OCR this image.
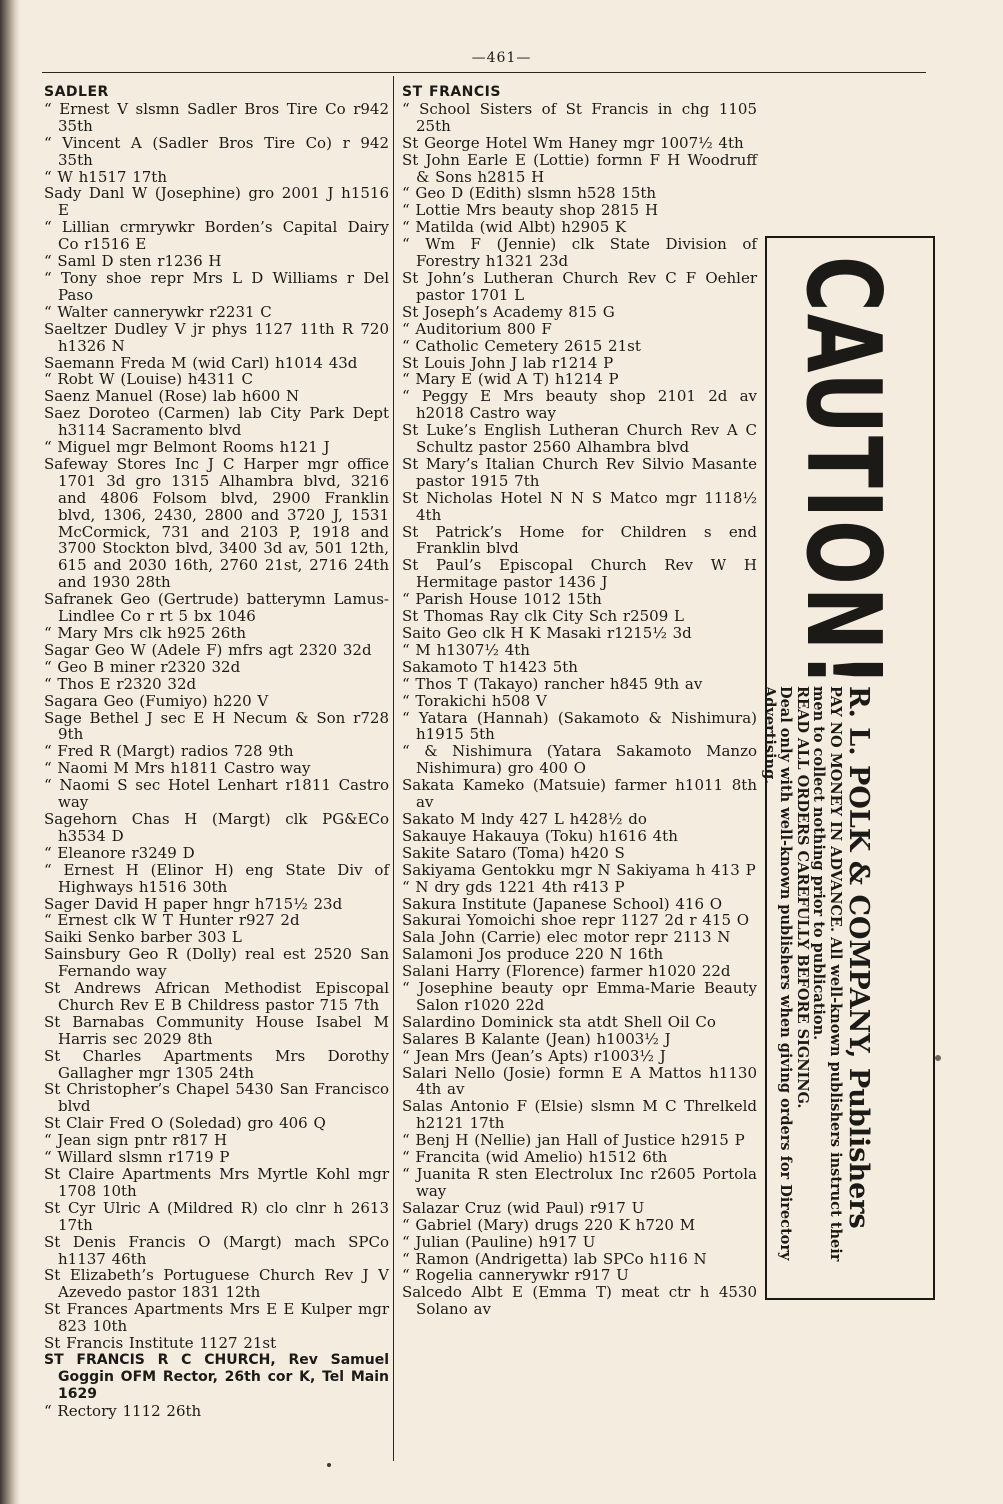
—461—
SADLER
“ Ernest V slsmn Sadler Bros Tire Co r942 35th
“ Vincent A (Sadler Bros Tire Co) r 942 35th
“ W h1517 17th
Sady Danl W (Josephine) gro 2001 J h1516 E
“ Lillian crmrywkr Borden’s Capital Dairy Co r1516 E
“ Saml D sten r1236 H
“ Tony shoe repr Mrs L D Williams r Del Paso
“ Walter cannerywkr r2231 C
Saeltzer Dudley V jr phys 1127 11th R 720 h1326 N
Saemann Freda M (wid Carl) h1014 43d
“ Robt W (Louise) h4311 C
Saenz Manuel (Rose) lab h600 N
Saez Doroteo (Carmen) lab City Park Dept h3114 Sacramento blvd
“ Miguel mgr Belmont Rooms h121 J
Safeway Stores Inc J C Harper mgr office 1701 3d gro 1315 Alhambra blvd, 3216 and 4806 Folsom blvd, 2900 Franklin blvd, 1306, 2430, 2800 and 3720 J, 1531 McCormick, 731 and 2103 P, 1918 and 3700 Stockton blvd, 3400 3d av, 501 12th, 615 and 2030 16th, 2760 21st, 2716 24th and 1930 28th
Safranek Geo (Gertrude) batterymn Lamus-Lindlee Co r rt 5 bx 1046
“ Mary Mrs clk h925 26th
Sagar Geo W (Adele F) mfrs agt 2320 32d
“ Geo B miner r2320 32d
“ Thos E r2320 32d
Sagara Geo (Fumiyo) h220 V
Sage Bethel J sec E H Necum & Son r728 9th
“ Fred R (Margt) radios 728 9th
“ Naomi M Mrs h1811 Castro way
“ Naomi S sec Hotel Lenhart r1811 Castro way
Sagehorn Chas H (Margt) clk PG&ECo h3534 D
“ Eleanore r3249 D
“ Ernest H (Elinor H) eng State Div of Highways h1516 30th
Sager David H paper hngr h715½ 23d
“ Ernest clk W T Hunter r927 2d
Saiki Senko barber 303 L
Sainsbury Geo R (Dolly) real est 2520 San Fernando way
St Andrews African Methodist Episcopal Church Rev E B Childress pastor 715 7th
St Barnabas Community House Isabel M Harris sec 2029 8th
St Charles Apartments Mrs Dorothy Gallagher mgr 1305 24th
St Christopher’s Chapel 5430 San Francisco blvd
St Clair Fred O (Soledad) gro 406 Q
“ Jean sign pntr r817 H
“ Willard slsmn r1719 P
St Claire Apartments Mrs Myrtle Kohl mgr 1708 10th
St Cyr Ulric A (Mildred R) clo clnr h 2613 17th
St Denis Francis O (Margt) mach SPCo h1137 46th
St Elizabeth’s Portuguese Church Rev J V Azevedo pastor 1831 12th
St Frances Apartments Mrs E E Kulper mgr 823 10th
St Francis Institute 1127 21st
ST FRANCIS R C CHURCH, Rev Samuel Goggin OFM Rector, 26th cor K, Tel Main 1629
“ Rectory 1112 26th
ST FRANCIS
“ School Sisters of St Francis in chg 1105 25th
St George Hotel Wm Haney mgr 1007½ 4th
St John Earle E (Lottie) formn F H Woodruff & Sons h2815 H
“ Geo D (Edith) slsmn h528 15th
“ Lottie Mrs beauty shop 2815 H
“ Matilda (wid Albt) h2905 K
“ Wm F (Jennie) clk State Division of Forestry h1321 23d
St John’s Lutheran Church Rev C F Oehler pastor 1701 L
St Joseph’s Academy 815 G
“ Auditorium 800 F
“ Catholic Cemetery 2615 21st
St Louis John J lab r1214 P
“ Mary E (wid A T) h1214 P
“ Peggy E Mrs beauty shop 2101 2d av h2018 Castro way
St Luke’s English Lutheran Church Rev A C Schultz pastor 2560 Alhambra blvd
St Mary’s Italian Church Rev Silvio Masante pastor 1915 7th
St Nicholas Hotel N N S Matco mgr 1118½ 4th
St Patrick’s Home for Children s end Franklin blvd
St Paul’s Episcopal Church Rev W H Hermitage pastor 1436 J
“ Parish House 1012 15th
St Thomas Ray clk City Sch r2509 L
Saito Geo clk H K Masaki r1215½ 3d
“ M h1307½ 4th
Sakamoto T h1423 5th
“ Thos T (Takayo) rancher h845 9th av
“ Torakichi h508 V
“ Yatara (Hannah) (Sakamoto & Nishimura) h1915 5th
“ & Nishimura (Yatara Sakamoto Manzo Nishimura) gro 400 O
Sakata Kameko (Matsuie) farmer h1011 8th av
Sakato M lndy 427 L h428½ do
Sakauye Hakauya (Toku) h1616 4th
Sakite Sataro (Toma) h420 S
Sakiyama Gentokku mgr N Sakiyama h 413 P
“ N dry gds 1221 4th r413 P
Sakura Institute (Japanese School) 416 O
Sakurai Yomoichi shoe repr 1127 2d r 415 O
Sala John (Carrie) elec motor repr 2113 N
Salamoni Jos produce 220 N 16th
Salani Harry (Florence) farmer h1020 22d
“ Josephine beauty opr Emma-Marie Beauty Salon r1020 22d
Salardino Dominick sta atdt Shell Oil Co
Salares B Kalante (Jean) h1003½ J
“ Jean Mrs (Jean’s Apts) r1003½ J
Salari Nello (Josie) formn E A Mattos h1130 4th av
Salas Antonio F (Elsie) slsmn M C Threlkeld h2121 17th
“ Benj H (Nellie) jan Hall of Justice h2915 P
“ Francita (wid Amelio) h1512 6th
“ Juanita R sten Electrolux Inc r2605 Portola way
Salazar Cruz (wid Paul) r917 U
“ Gabriel (Mary) drugs 220 K h720 M
“ Julian (Pauline) h917 U
“ Ramon (Andrigetta) lab SPCo h116 N
“ Rogelia cannerywkr r917 U
Salcedo Albt E (Emma T) meat ctr h 4530 Solano av
CAUTION!
R. L. POLK & COMPANY, Publishers
PAY NO MONEY IN ADVANCE. All well-known publishers instruct their men to collect nothing prior to publication.
READ ALL ORDERS CAREFULLY BEFORE SIGNING.
Deal only with well-known publishers when giving orders for Directory Advertising.
